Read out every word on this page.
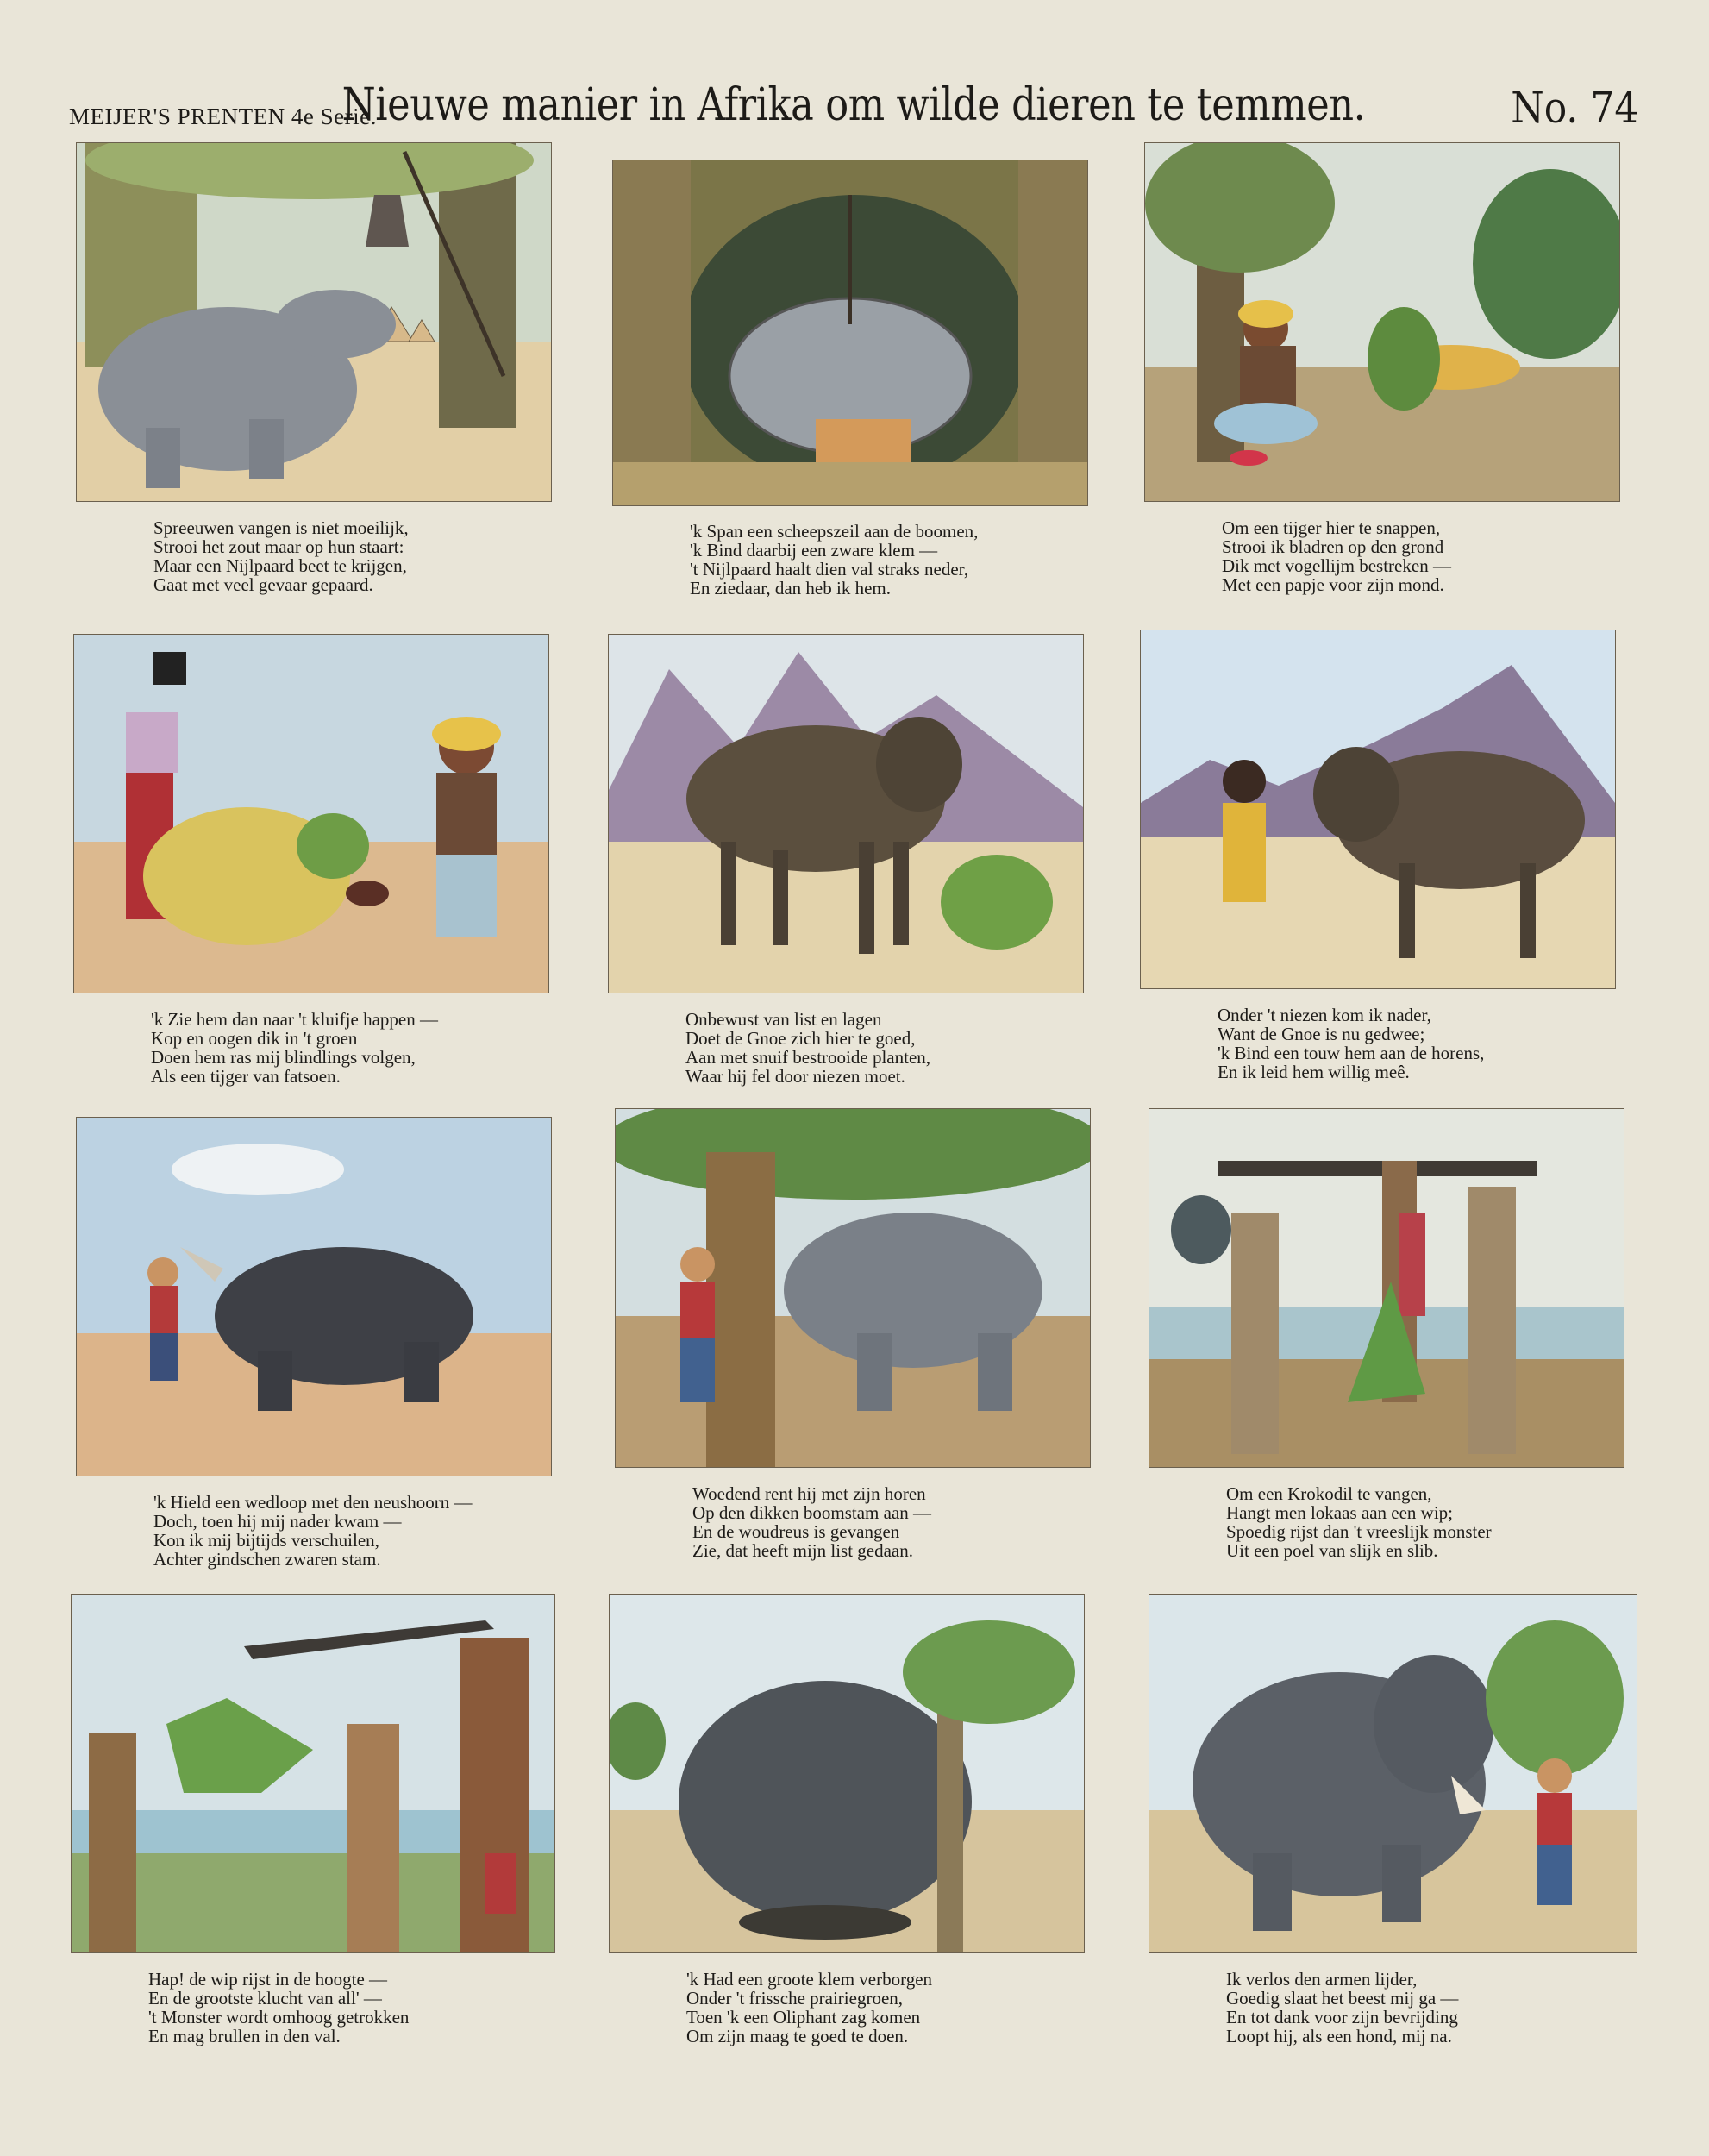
MEIJER'S PRENTEN 4e Serie.
Nieuwe manier in Afrika om wilde dieren te temmen.	No. 74
Spreeuwen vangen is niet moeilijk,
Strooi het zout maar op hun staart:
Maar een Nijlpaard beet te krijgen,
Gaat met veel gevaar gepaard.
'k Span een scheepszeil aan de boomen,
'k Bind daarbij een zware klem —
't Nijlpaard haalt dien val straks neder,
En ziedaar, dan heb ik hem.
Om een tijger hier te snappen,
Strooi ik bladren op den grond
Dik met vogellijm bestreken —
Met een papje voor zijn mond.
'k Zie hem dan naar 't kluifje happen —
Kop en oogen dik in 't groen
Doen hem ras mij blindlings volgen,
Als een tijger van fatsoen.
Onbewust van list en lagen
Doet de Gnoe zich hier te goed,
Aan met snuif bestrooide planten,
Waar hij fel door niezen moet.
Onder 't niezen kom ik nader,
Want de Gnoe is nu gedwee;
'k Bind een touw hem aan de horens,
En ik leid hem willig meê.
'k Hield een wedloop met den neushoorn —
Doch, toen hij mij nader kwam —
Kon ik mij bijtijds verschuilen,
Achter gindschen zwaren stam.
Woedend rent hij met zijn horen
Op den dikken boomstam aan —
En de woudreus is gevangen
Zie, dat heeft mijn list gedaan.
Om een Krokodil te vangen,
Hangt men lokaas aan een wip;
Spoedig rijst dan 't vreeslijk monster
Uit een poel van slijk en slib.
Hap! de wip rijst in de hoogte —
En de grootste klucht van all' —
't Monster wordt omhoog getrokken
En mag brullen in den val.
'k Had een groote klem verborgen
Onder 't frissche prairiegroen,
Toen 'k een Oliphant zag komen
Om zijn maag te goed te doen.
Ik verlos den armen lijder,
Goedig slaat het beest mij ga —
En tot dank voor zijn bevrijding
Loopt hij, als een hond, mij na.
